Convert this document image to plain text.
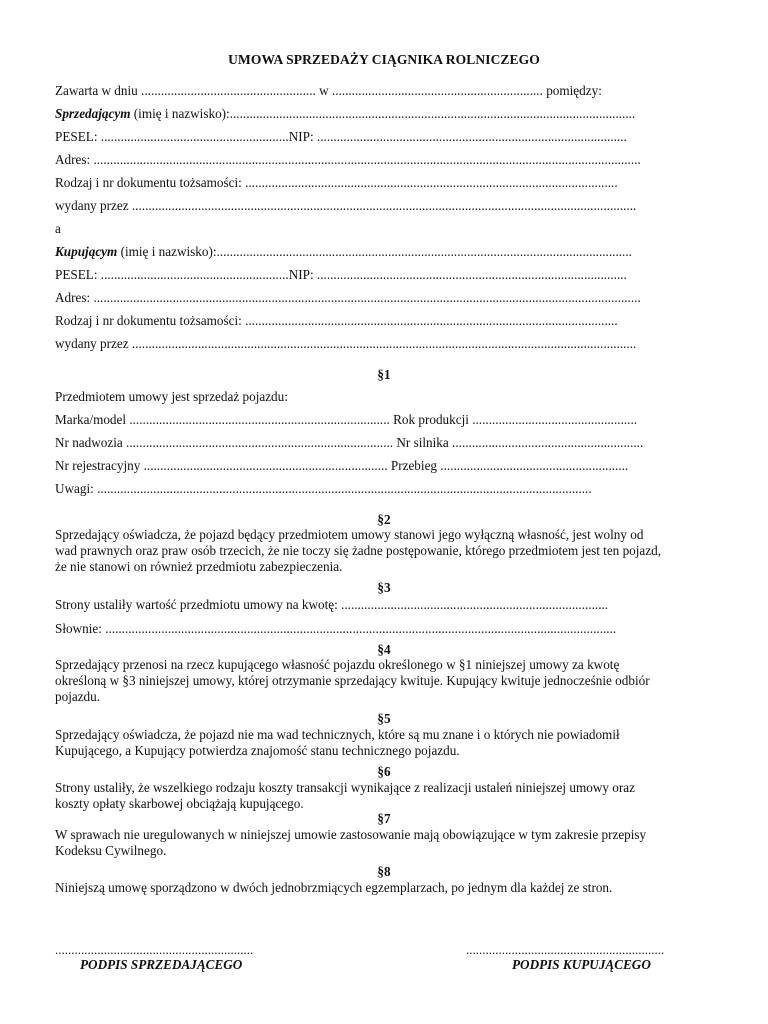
UMOWA SPRZEDAŻY CIĄGNIKA ROLNICZEGO
Zawarta w dniu ..................................................... w ................................................................ pomiędzy:
Sprzedającym (imię i nazwisko):...........................................................................................................................
PESEL: .........................................................NIP: ..............................................................................................
Adres: ......................................................................................................................................................................
Rodzaj i nr dokumentu tożsamości: .................................................................................................................
wydany przez .........................................................................................................................................................
a
Kupującym (imię i nazwisko):..............................................................................................................................
PESEL: .........................................................NIP: ..............................................................................................
Adres: ......................................................................................................................................................................
Rodzaj i nr dokumentu tożsamości: .................................................................................................................
wydany przez .........................................................................................................................................................
§1
Przedmiotem umowy jest sprzedaż pojazdu:
Marka/model ............................................................................... Rok produkcji ..................................................
Nr nadwozia ................................................................................. Nr silnika ..........................................................
Nr rejestracyjny .......................................................................... Przebieg .........................................................
Uwagi: ......................................................................................................................................................
§2
Sprzedający oświadcza, że pojazd będący przedmiotem umowy stanowi jego wyłączną własność, jest wolny od
wad prawnych oraz praw osób trzecich, że nie toczy się żadne postępowanie, którego przedmiotem jest ten pojazd,
że nie stanowi on również przedmiotu zabezpieczenia.
§3
Strony ustaliły wartość przedmiotu umowy na kwotę: .................................................................................
Słownie: ...........................................................................................................................................................
§4
Sprzedający przenosi na rzecz kupującego własność pojazdu określonego w §1 niniejszej umowy za kwotę
określoną w §3 niniejszej umowy, której otrzymanie sprzedający kwituje. Kupujący kwituje jednocześnie odbiór
pojazdu.
§5
Sprzedający oświadcza, że pojazd nie ma wad technicznych, które są mu znane i o których nie powiadomił
Kupującego, a Kupujący potwierdza znajomość stanu technicznego pojazdu.
§6
Strony ustaliły, że wszelkiego rodzaju koszty transakcji wynikające z realizacji ustaleń niniejszej umowy oraz
koszty opłaty skarbowej obciążają kupującego.
§7
W sprawach nie uregulowanych w niniejszej umowie zastosowanie mają obowiązujące w tym zakresie przepisy
Kodeksu Cywilnego.
§8
Niniejszą umowę sporządzono w dwóch jednobrzmiących egzemplarzach, po jednym dla każdej ze stron.
.............................................................
PODPIS SPRZEDAJĄCEGO
.............................................................
PODPIS KUPUJĄCEGO
